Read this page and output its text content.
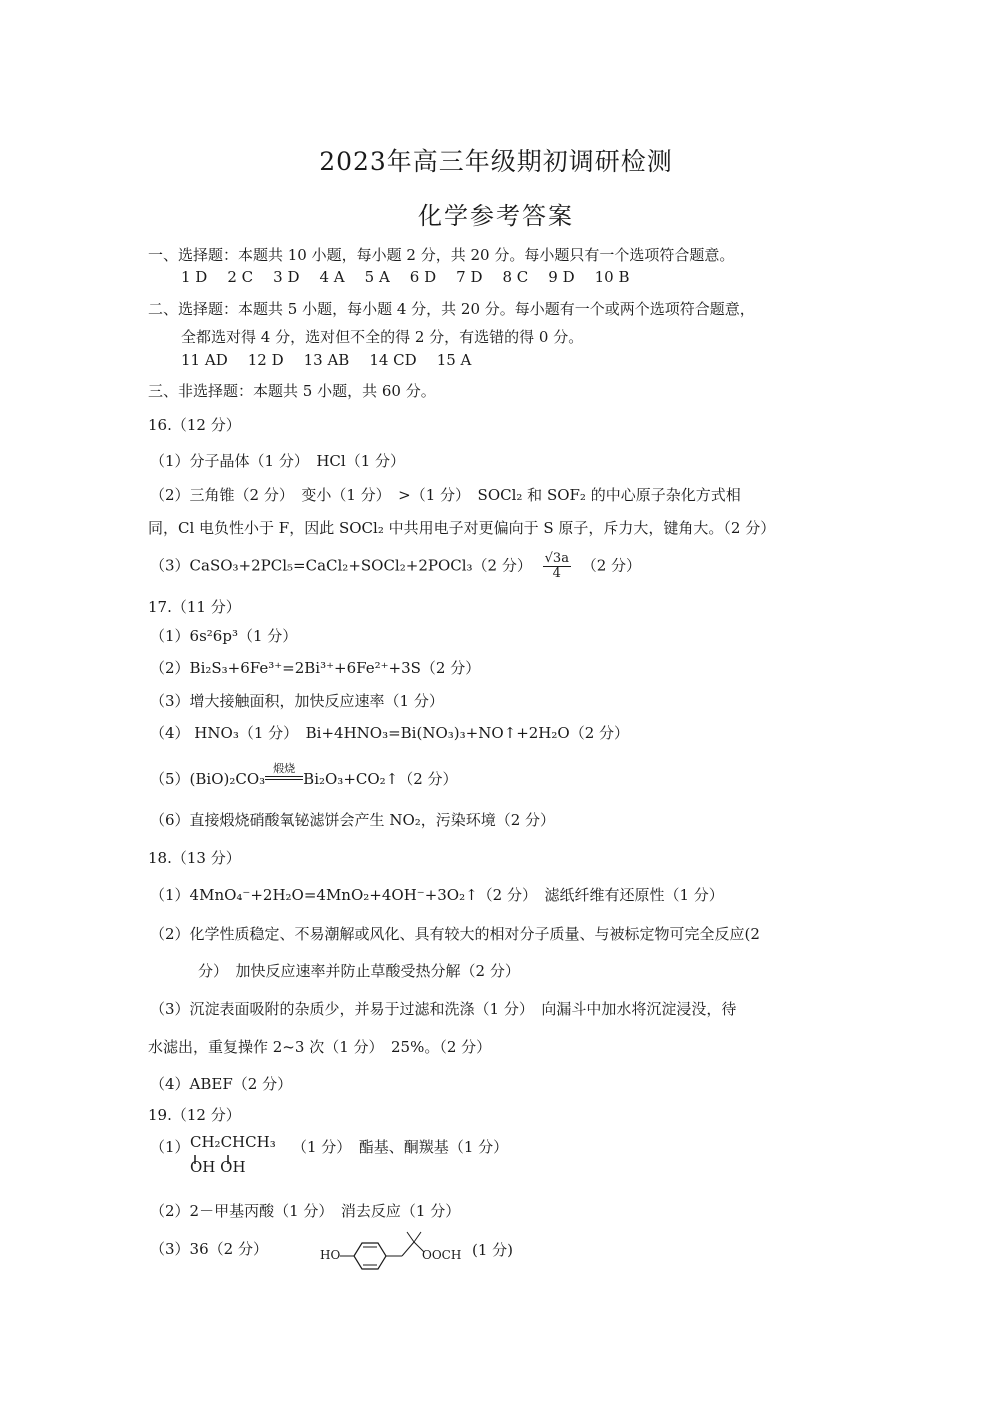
2023年高三年级期初调研检测
化学参考答案
一、选择题：本题共 10 小题，每小题 2 分，共 20 分。每小题只有一个选项符合题意。
1 D 2 C 3 D 4 A 5 A 6 D 7 D 8 C 9 D 10 B
二、选择题：本题共 5 小题，每小题 4 分，共 20 分。每小题有一个或两个选项符合题意，
全都选对得 4 分，选对但不全的得 2 分，有选错的得 0 分。
11 AD 12 D 13 AB 14 CD 15 A
三、非选择题：本题共 5 小题，共 60 分。
16.（12 分）
（1）分子晶体（1 分）　HCl（1 分）
（2）三角锥（2 分）　变小（1 分）　>（1 分）　SOCl₂ 和 SOF₂ 的中心原子杂化方式相
同，Cl 电负性小于 F，因此 SOCl₂ 中共用电子对更偏向于 S 原子，斥力大，键角大。（2 分）
（3）CaSO₃+2PCl₅=CaCl₂+SOCl₂+2POCl₃（2 分） $\frac{√3a}{4} (2$ 分）
17.（11 分）
（1）6s²6p³（1 分）
（2）Bi₂S₃+6Fe³⁺=2Bi³⁺+6Fe²⁺+3S（2 分）
（3）增大接触面积，加快反应速率（1 分）
（4） HNO₃（1 分）　Bi+4HNO₃=Bi(NO₃)₃+NO↑+2H₂O（2 分）
（5）(BiO)₂CO₃
煅烧
Bi₂O₃+CO₂↑（2 分）
（6）直接煅烧硝酸氧铋滤饼会产生 NO₂，污染环境（2 分）
18.（13 分）
（1）4MnO₄⁻+2H₂O=4MnO₂+4OH⁻+3O₂↑（2 分）　滤纸纤维有还原性（1 分）
（2）化学性质稳定、不易潮解或风化、具有较大的相对分子质量、与被标定物可完全反应(2
分）　加快反应速率并防止草酸受热分解（2 分）
（3）沉淀表面吸附的杂质少，并易于过滤和洗涤（1 分）　向漏斗中加水将沉淀浸没，待
水滤出，重复操作 2~3 次（1 分）　25%。（2 分）
（4）ABEF（2 分）
19.（12 分）
（1） CH₂CHCH₃
OH OH
（1 分）　酯基、酮羰基（1 分）
（2）2－甲基丙酸（1 分）　消去反应（1 分）
（3）36（2 分）	HO	OOCH (1 分)
